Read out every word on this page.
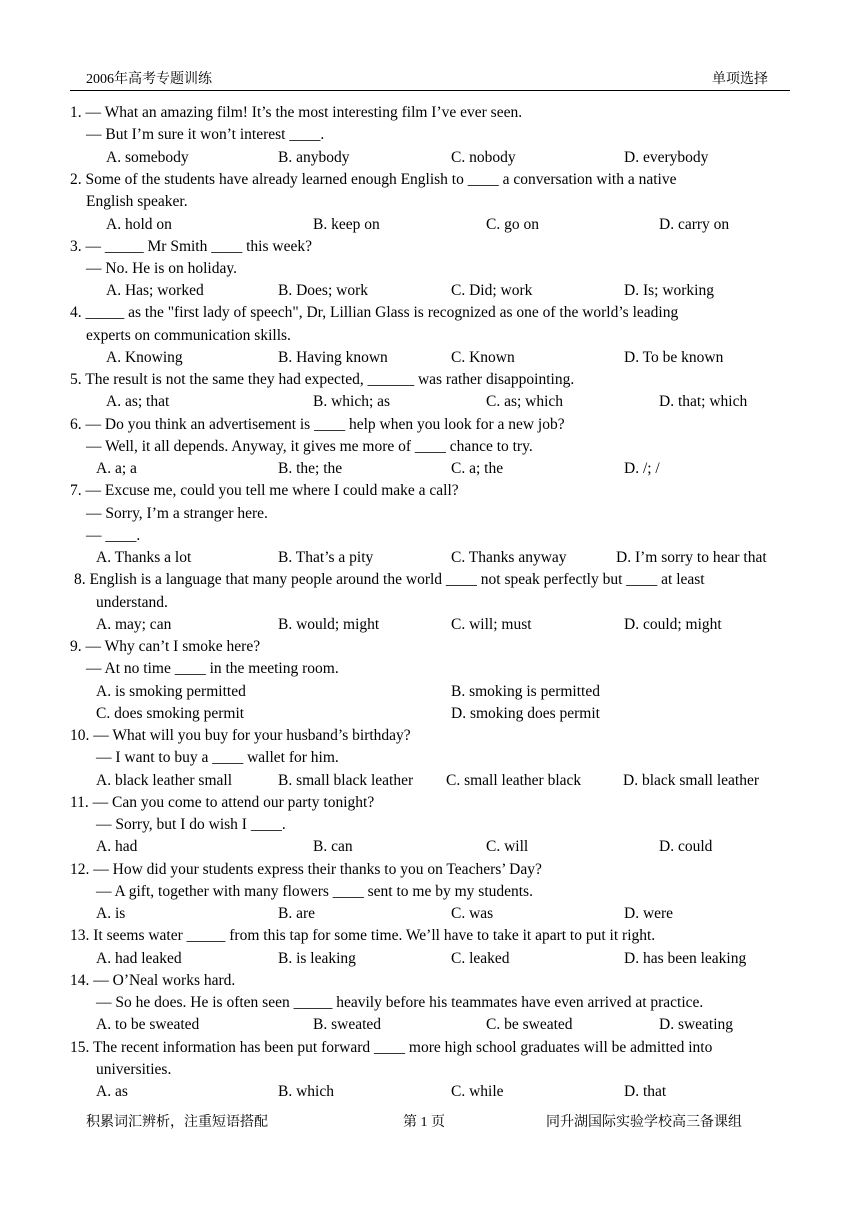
2006年高考专题训练	单项选择
1. — What an amazing film! It’s the most interesting film I’ve ever seen.
— But I’m sure it won’t interest ____.
A. somebody	B. anybody	C. nobody	D. everybody
2. Some of the students have already learned enough English to ____ a conversation with a native
English speaker.
A. hold on	B. keep on	C. go on	D. carry on
3. — _____ Mr Smith ____ this week?
— No. He is on holiday.
A. Has; worked	B. Does; work	C. Did; work	D. Is; working
4. _____ as the "first lady of speech", Dr, Lillian Glass is recognized as one of the world’s leading
experts on communication skills.
A. Knowing	B. Having known	C. Known	D. To be known
5. The result is not the same they had expected, ______ was rather disappointing.
A. as; that	B. which; as	C. as; which	D. that; which
6. — Do you think an advertisement is ____ help when you look for a new job?
— Well, it all depends. Anyway, it gives me more of ____ chance to try.
A. a; a	B. the; the	C. a; the	D. /; /
7. — Excuse me, could you tell me where I could make a call?
— Sorry, I’m a stranger here.
— ____.
A. Thanks a lot	B. That’s a pity	C. Thanks anyway	D. I’m sorry to hear that
8. English is a language that many people around the world ____ not speak perfectly but ____ at least
understand.
A. may; can	B. would; might	C. will; must	D. could; might
9. — Why can’t I smoke here?
— At no time ____ in the meeting room.
A. is smoking permitted	B. smoking is permitted
C. does smoking permit	D. smoking does permit
10. — What will you buy for your husband’s birthday?
— I want to buy a ____ wallet for him.
A. black leather small	B. small black leather C. small leather black	D. black small leather
11. — Can you come to attend our party tonight?
— Sorry, but I do wish I ____.
A. had	B. can	C. will	D. could
12. — How did your students express their thanks to you on Teachers’ Day?
— A gift, together with many flowers ____ sent to me by my students.
A. is	B. are	C. was	D. were
13. It seems water _____ from this tap for some time. We’ll have to take it apart to put it right.
A. had leaked	B. is leaking	C. leaked	D. has been leaking
14. — O’Neal works hard.
— So he does. He is often seen _____ heavily before his teammates have even arrived at practice.
A. to be sweated	B. sweated	C. be sweated	D. sweating
15. The recent information has been put forward ____ more high school graduates will be admitted into
universities.
A. as	B. which	C. while	D. that
积累词汇辨析，注重短语搭配	第 1 页	同升湖国际实验学校高三备课组
